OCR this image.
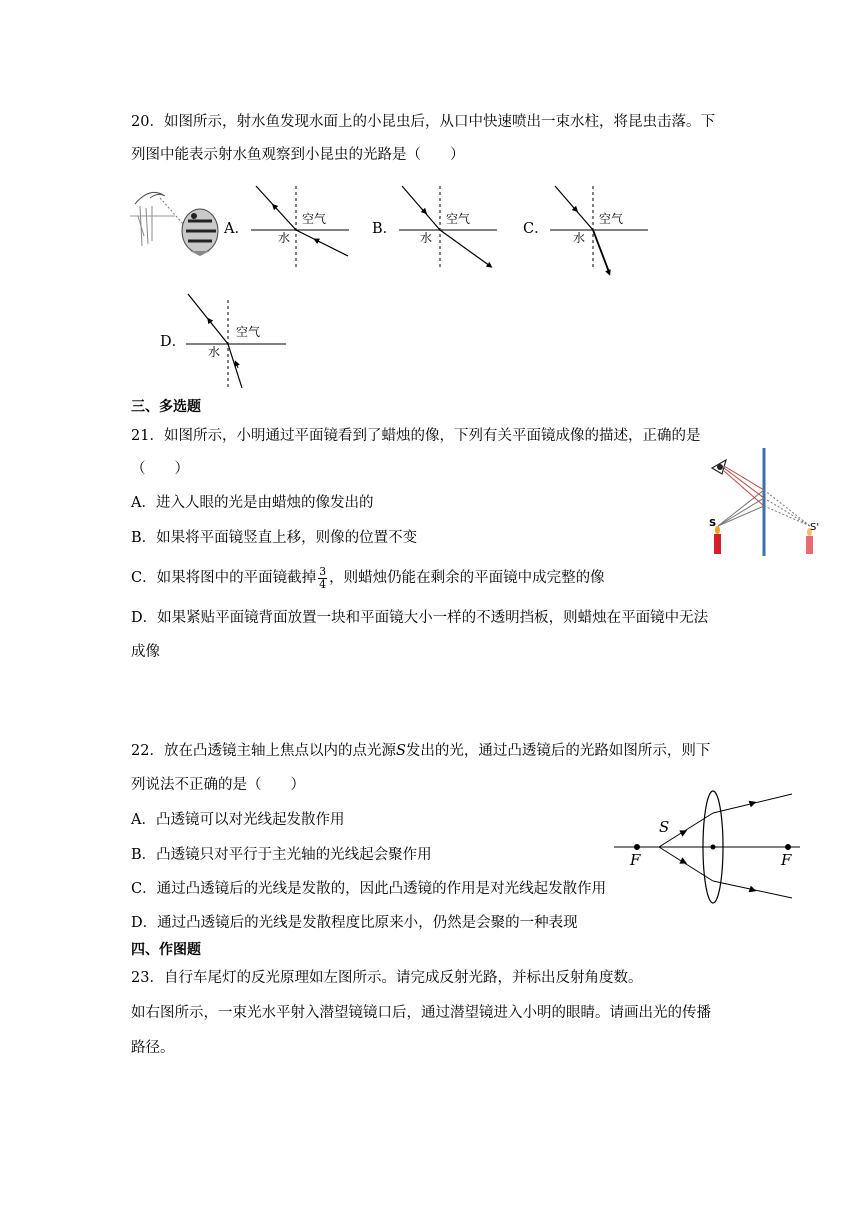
20．如图所示，射水鱼发现水面上的小昆虫后，从口中快速喷出一束水柱，将昆虫击落。下
列图中能表示射水鱼观察到小昆虫的光路是（　　）
A．
空气
水
B．
空气
水
C．
空气
水
D．
空气
水
三、多选题
21．如图所示，小明通过平面镜看到了蜡烛的像，下列有关平面镜成像的描述，正确的是
（　　）
A．进入人眼的光是由蜡烛的像发出的
B．如果将平面镜竖直上移，则像的位置不变
C．如果将图中的平面镜截掉 $\frac{3}{4}$ ，则蜡烛仍能在剩余的平面镜中成完整的像
D．如果紧贴平面镜背面放置一块和平面镜大小一样的不透明挡板，则蜡烛在平面镜中无法
成像
S	S'
22．放在凸透镜主轴上焦点以内的点光源S发出的光，通过凸透镜后的光路如图所示，则下
列说法不正确的是（　　）
A．凸透镜可以对光线起发散作用
B．凸透镜只对平行于主光轴的光线起会聚作用
C．通过凸透镜后的光线是发散的，因此凸透镜的作用是对光线起发散作用
D．通过凸透镜后的光线是发散程度比原来小，仍然是会聚的一种表现
S
F	F
四、作图题
23．自行车尾灯的反光原理如左图所示。请完成反射光路，并标出反射角度数。
如右图所示，一束光水平射入潜望镜镜口后，通过潜望镜进入小明的眼睛。请画出光的传播
路径。
